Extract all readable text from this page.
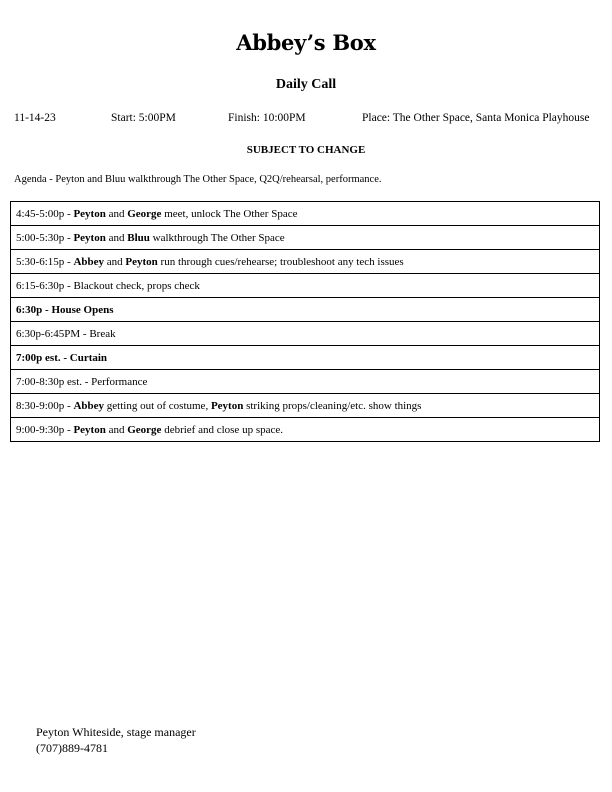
Abbey’s Box
Daily Call
11-14-23	Start: 5:00PM	Finish: 10:00PM	Place: The Other Space, Santa Monica Playhouse
SUBJECT TO CHANGE
Agenda - Peyton and Bluu walkthrough The Other Space, Q2Q/rehearsal, performance.
4:45-5:00p - Peyton and George meet, unlock The Other Space
5:00-5:30p - Peyton and Bluu walkthrough The Other Space
5:30-6:15p - Abbey and Peyton run through cues/rehearse; troubleshoot any tech issues
6:15-6:30p - Blackout check, props check
6:30p - House Opens
6:30p-6:45PM - Break
7:00p est. - Curtain
7:00-8:30p est. - Performance
8:30-9:00p - Abbey getting out of costume, Peyton striking props/cleaning/etc. show things
9:00-9:30p - Peyton and George debrief and close up space.
Peyton Whiteside, stage manager
(707)889-4781
